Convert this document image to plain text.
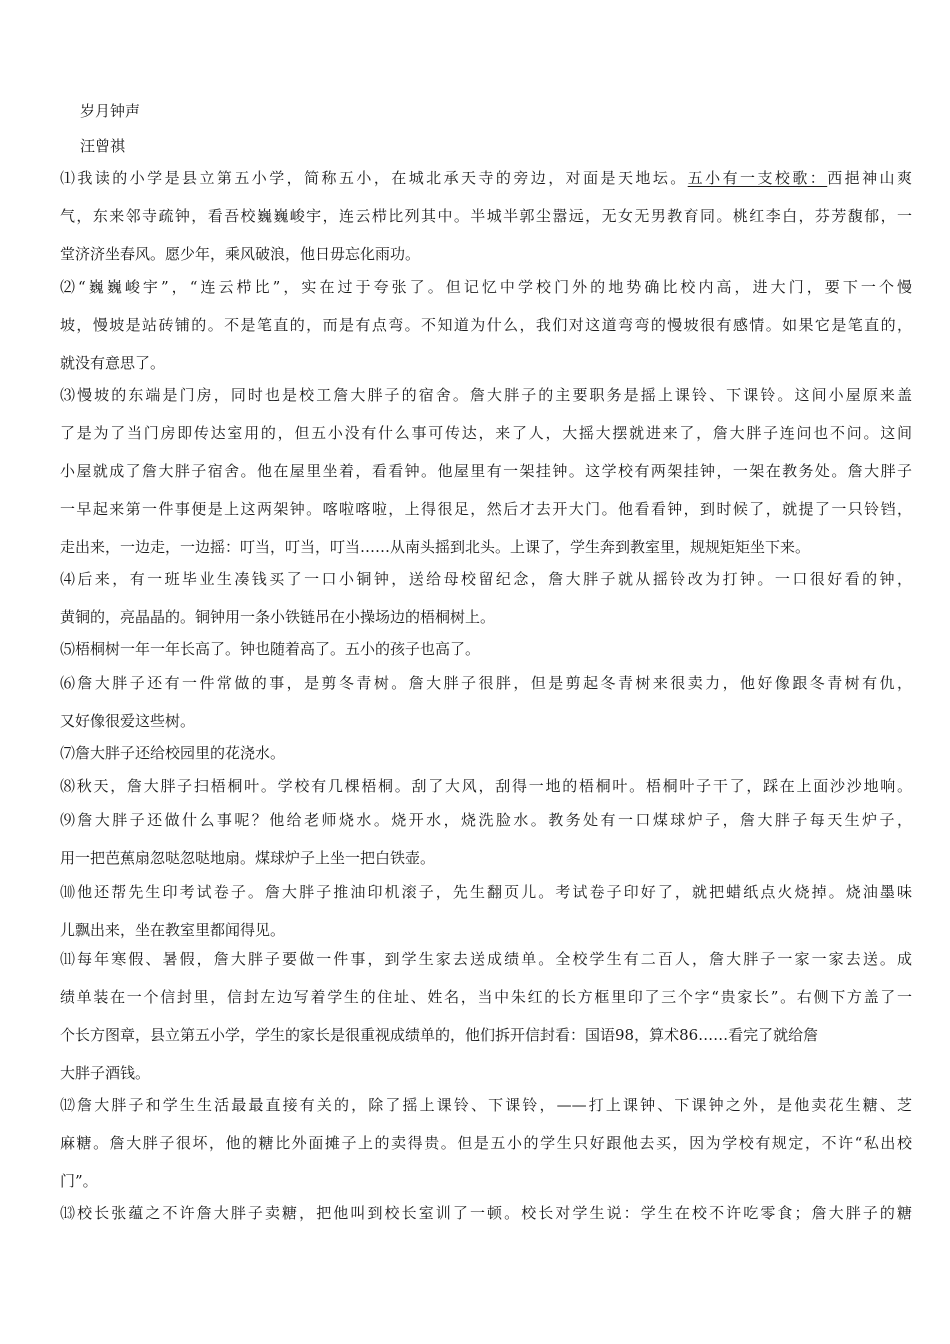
岁月钟声
汪曾祺
⑴我读的小学是县立第五小学，简称五小，在城北承天寺的旁边，对面是天地坛。五小有一支校歌：西挹神山爽
气，东来邻寺疏钟，看吾校巍巍峻宇，连云栉比列其中。半城半郭尘嚣远，无女无男教育同。桃红李白，芬芳馥郁，一
堂济济坐春风。愿少年，乘风破浪，他日毋忘化雨功。
⑵“巍巍峻宇”，“连云栉比”，实在过于夸张了。但记忆中学校门外的地势确比校内高，进大门，要下一个慢
坡，慢坡是站砖铺的。不是笔直的，而是有点弯。不知道为什么，我们对这道弯弯的慢坡很有感情。如果它是笔直的，
就没有意思了。
⑶慢坡的东端是门房，同时也是校工詹大胖子的宿舍。詹大胖子的主要职务是摇上课铃、下课铃。这间小屋原来盖
了是为了当门房即传达室用的，但五小没有什么事可传达，来了人，大摇大摆就进来了，詹大胖子连问也不问。这间
小屋就成了詹大胖子宿舍。他在屋里坐着，看看钟。他屋里有一架挂钟。这学校有两架挂钟，一架在教务处。詹大胖子
一早起来第一件事便是上这两架钟。喀啦喀啦，上得很足，然后才去开大门。他看看钟，到时候了，就提了一只铃铛，
走出来，一边走，一边摇：叮当，叮当，叮当……从南头摇到北头。上课了，学生奔到教室里，规规矩矩坐下来。
⑷后来，有一班毕业生凑钱买了一口小铜钟，送给母校留纪念，詹大胖子就从摇铃改为打钟。一口很好看的钟，
黄铜的，亮晶晶的。铜钟用一条小铁链吊在小操场边的梧桐树上。
⑸梧桐树一年一年长高了。钟也随着高了。五小的孩子也高了。
⑹詹大胖子还有一件常做的事，是剪冬青树。詹大胖子很胖，但是剪起冬青树来很卖力，他好像跟冬青树有仇，
又好像很爱这些树。
⑺詹大胖子还给校园里的花浇水。
⑻秋天，詹大胖子扫梧桐叶。学校有几棵梧桐。刮了大风，刮得一地的梧桐叶。梧桐叶子干了，踩在上面沙沙地响。
⑼詹大胖子还做什么事呢？他给老师烧水。烧开水，烧洗脸水。教务处有一口煤球炉子，詹大胖子每天生炉子，
用一把芭蕉扇忽哒忽哒地扇。煤球炉子上坐一把白铁壶。
⑽他还帮先生印考试卷子。詹大胖子推油印机滚子，先生翻页儿。考试卷子印好了，就把蜡纸点火烧掉。烧油墨味
儿飘出来，坐在教室里都闻得见。
⑾每年寒假、暑假，詹大胖子要做一件事，到学生家去送成绩单。全校学生有二百人，詹大胖子一家一家去送。成
绩单装在一个信封里，信封左边写着学生的住址、姓名，当中朱红的长方框里印了三个字“贵家长”。右侧下方盖了一
个长方图章，县立第五小学，学生的家长是很重视成绩单的，他们拆开信封看：国语98，算术86……看完了就给詹
大胖子酒钱。
⑿詹大胖子和学生生活最最直接有关的，除了摇上课铃、下课铃，——打上课钟、下课钟之外，是他卖花生糖、芝
麻糖。詹大胖子很坏，他的糖比外面摊子上的卖得贵。但是五小的学生只好跟他去买，因为学校有规定，不许“私出校
门”。
⒀校长张蕴之不许詹大胖子卖糖，把他叫到校长室训了一顿。校长对学生说：学生在校不许吃零食；詹大胖子的糖
